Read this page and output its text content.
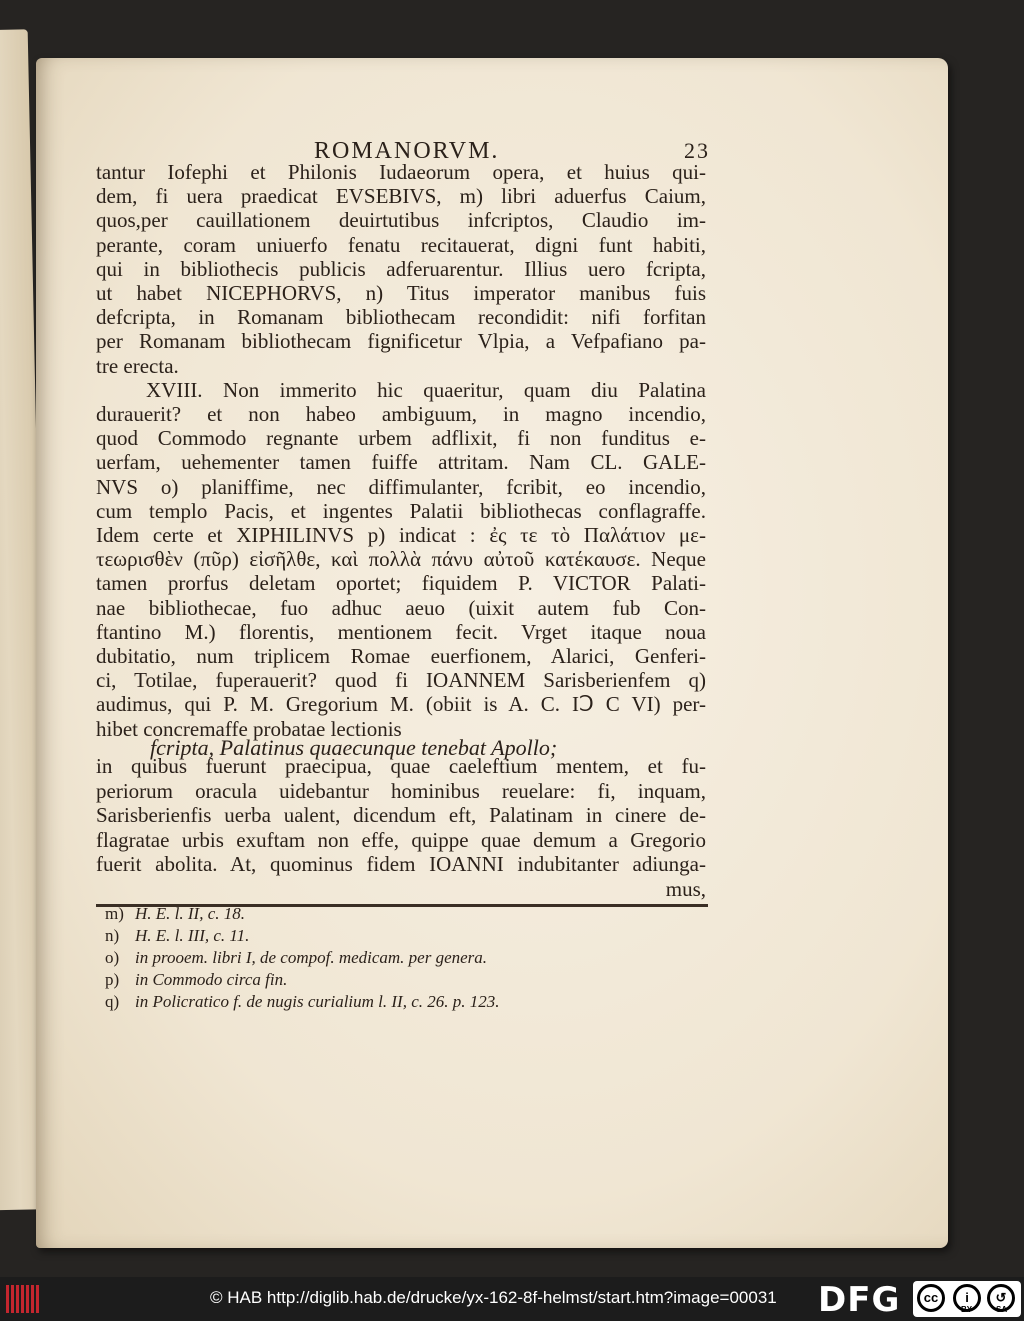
ROMANORVM.	23
tantur Iofephi et Philonis Iudaeorum opera, et huius qui-
dem, fi uera praedicat EVSEBIVS, m) libri aduerfus Caium,
quos,per cauillationem deuirtutibus infcriptos, Claudio im-
perante, coram uniuerfo fenatu recitauerat, digni funt habiti,
qui in bibliothecis publicis adferuarentur. Illius uero fcripta,
ut habet NICEPHORVS, n) Titus imperator manibus fuis
defcripta, in Romanam bibliothecam recondidit: nifi forfitan
per Romanam bibliothecam fignificetur Vlpia, a Vefpafiano pa-
tre erecta.
XVIII. Non immerito hic quaeritur, quam diu Palatina
durauerit? et non habeo ambiguum, in magno incendio,
quod Commodo regnante urbem adflixit, fi non funditus e-
uerfam, uehementer tamen fuiffe attritam. Nam CL. GALE-
NVS o) planiffime, nec diffimulanter, fcribit, eo incendio,
cum templo Pacis, et ingentes Palatii bibliothecas conflagraffe.
Idem certe et XIPHILINVS p) indicat : ἐς τε τὸ Παλάτιον με-
τεωρισθὲν (πῦρ) εἰσῆλθε, καὶ πολλὰ πάνυ αὐτοῦ κατέκαυσε. Neque
tamen prorfus deletam oportet; fiquidem P. VICTOR Palati-
nae bibliothecae, fuo adhuc aeuo (uixit autem fub Con-
ftantino M.) florentis, mentionem fecit. Vrget itaque noua
dubitatio, num triplicem Romae euerfionem, Alarici, Genferi-
ci, Totilae, fuperauerit? quod fi IOANNEM Sarisberienfem q)
audimus, qui P. M. Gregorium M. (obiit is A. C. IↃ C VI) per-
hibet concremaffe probatae lectionis
fcripta, Palatinus quaecunque tenebat Apollo;
in quibus fuerunt praecipua, quae caeleftium mentem, et fu-
periorum oracula uidebantur hominibus reuelare: fi, inquam,
Sarisberienfis uerba ualent, dicendum eft, Palatinam in cinere de-
flagratae urbis exuftam non effe, quippe quae demum a Gregorio
fuerit abolita. At, quominus fidem IOANNI indubitanter adiunga-
mus,
m) H. E. l. II, c. 18.
n) H. E. l. III, c. 11.
o) in prooem. libri I, de compof. medicam. per genera.
p) in Commodo circa fin.
q) in Policratico f. de nugis curialium l. II, c. 26. p. 123.
© HAB http://diglib.hab.de/drucke/yx-162-8f-helmst/start.htm?image=00031 DFG	cc	i
BY
↺
SA
